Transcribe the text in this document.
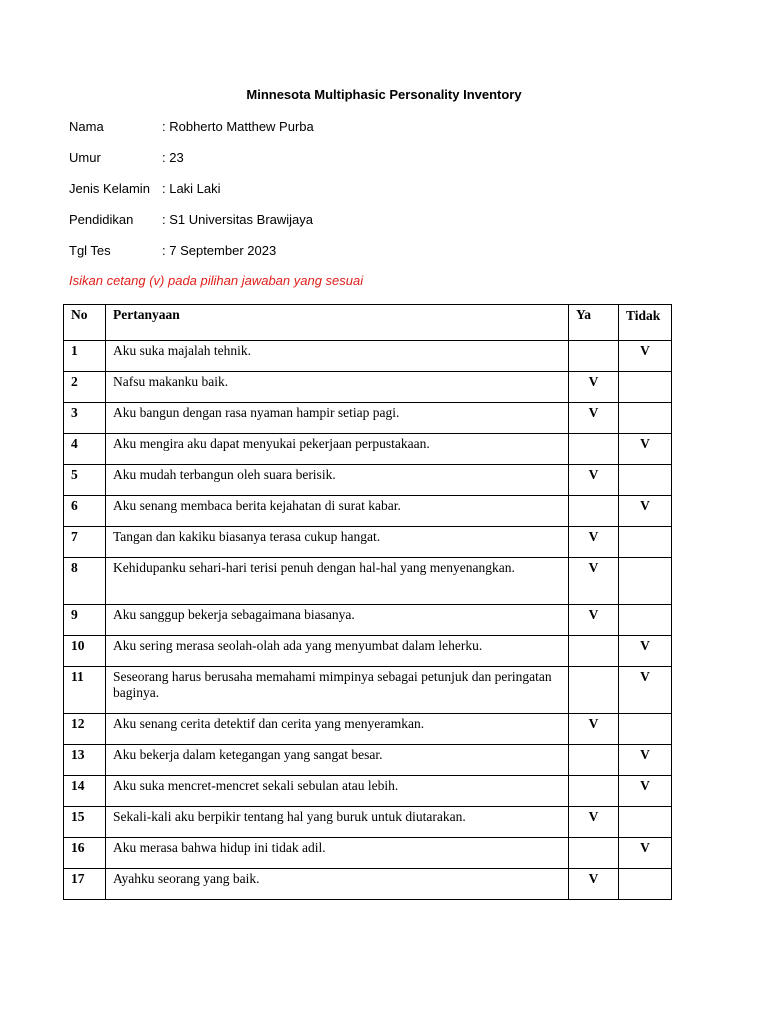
Minnesota Multiphasic Personality Inventory
Nama	: Robherto Matthew Purba
Umur	: 23
Jenis Kelamin : Laki Laki
Pendidikan : S1 Universitas Brawijaya
Tgl Tes	: 7 September 2023
Isikan cetang (v) pada pilihan jawaban yang sesuai
No	Pertanyaan	Ya	Tidak

1	Aku suka majalah tehnik.		V
2	Nafsu makanku baik.	V	
3	Aku bangun dengan rasa nyaman hampir setiap pagi.	V	
4	Aku mengira aku dapat menyukai pekerjaan perpustakaan.		V
5	Aku mudah terbangun oleh suara berisik.	V	
6	Aku senang membaca berita kejahatan di surat kabar.		V
7	Tangan dan kakiku biasanya terasa cukup hangat.	V	
8	Kehidupanku sehari-hari terisi penuh dengan hal-hal yang menyenangkan.	V	
9	Aku sanggup bekerja sebagaimana biasanya.	V	
10	Aku sering merasa seolah-olah ada yang menyumbat dalam leherku.		V
11	Seseorang harus berusaha memahami mimpinya sebagai petunjuk dan peringatan baginya.		V
12	Aku senang cerita detektif dan cerita yang menyeramkan.	V	
13	Aku bekerja dalam ketegangan yang sangat besar.		V
14	Aku suka mencret-mencret sekali sebulan atau lebih.		V
15	Sekali-kali aku berpikir tentang hal yang buruk untuk diutarakan.	V	
16	Aku merasa bahwa hidup ini tidak adil.		V
17	Ayahku seorang yang baik.	V	
